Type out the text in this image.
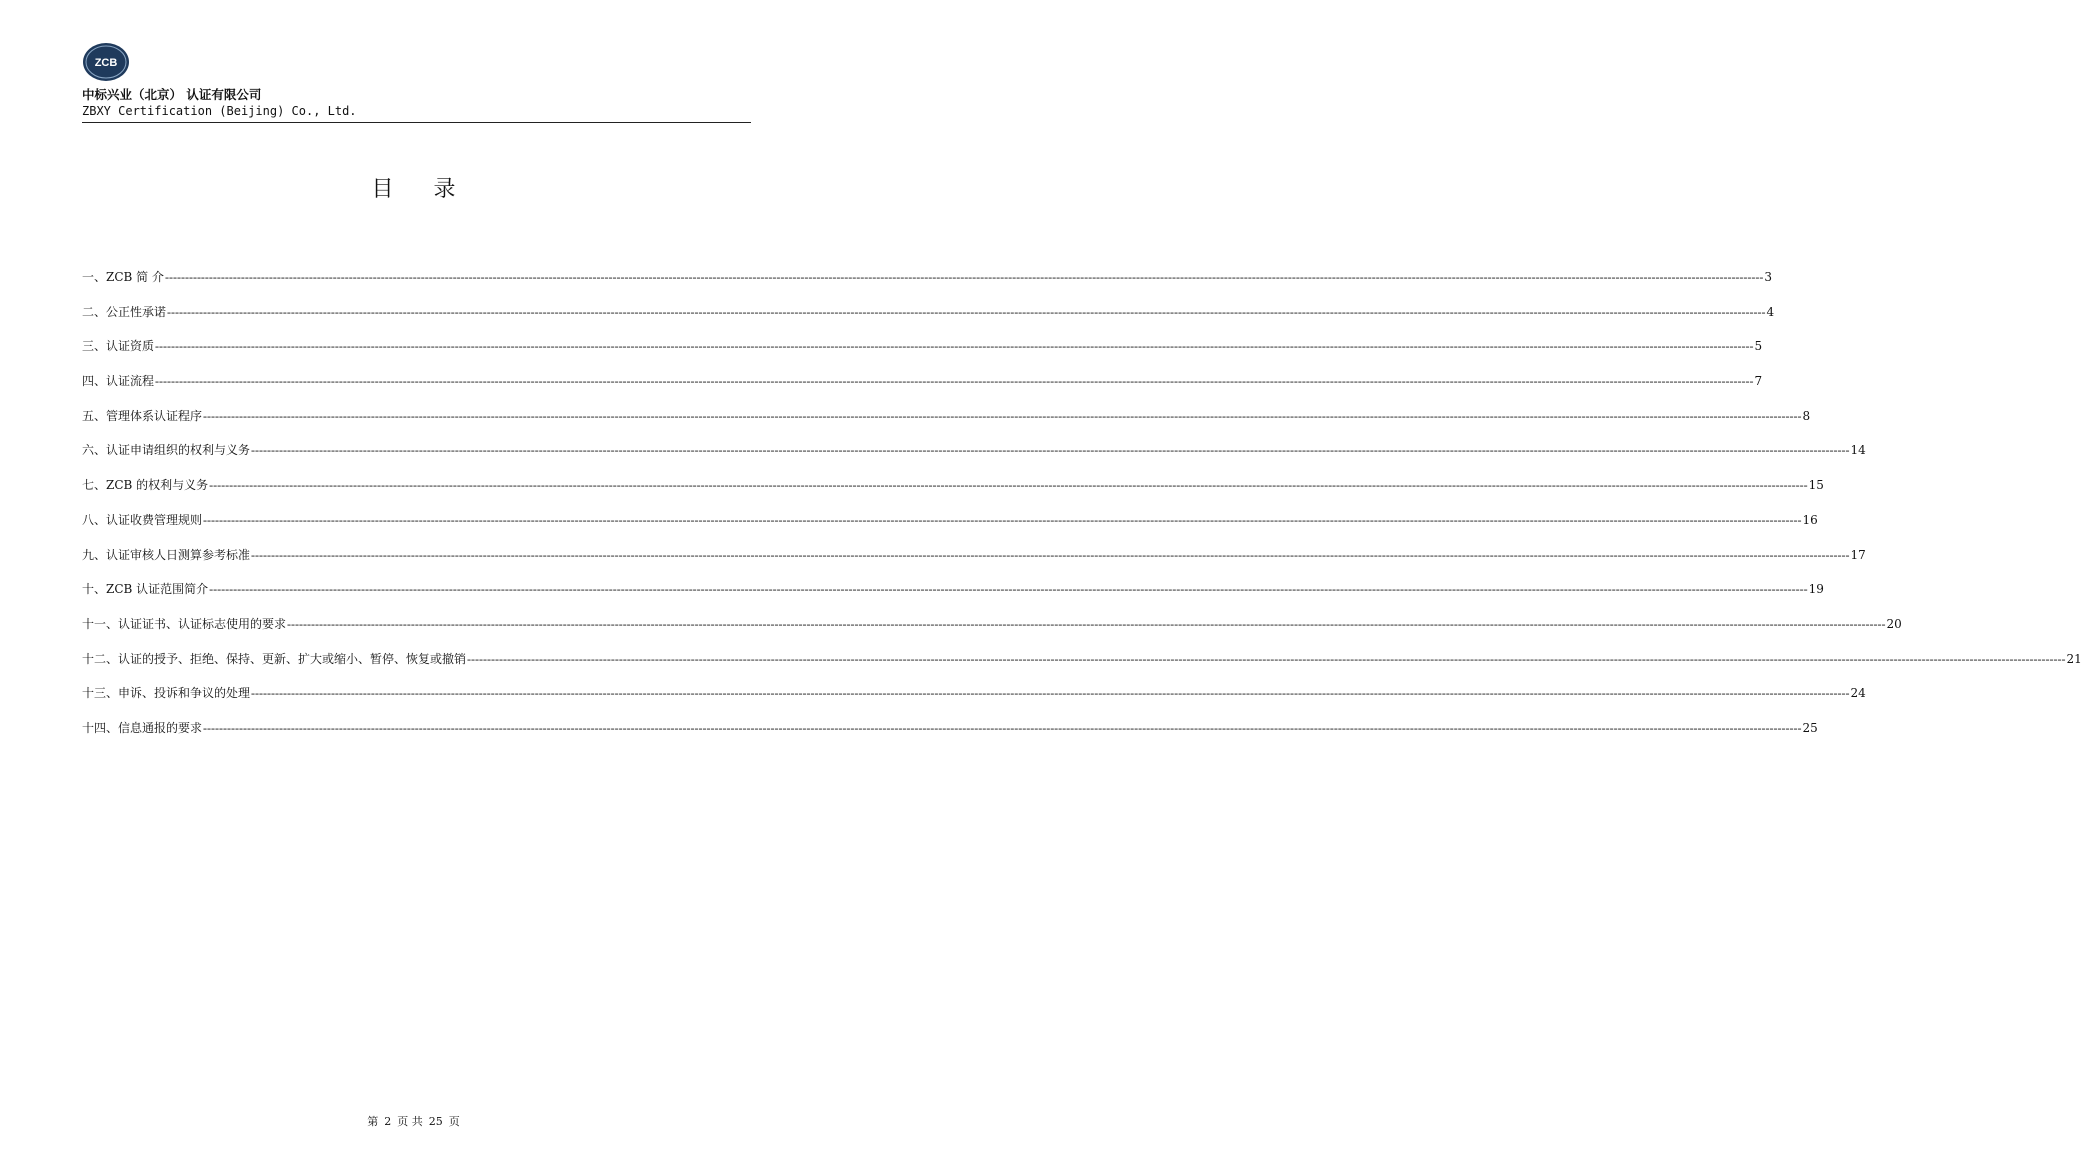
ZCB
中标兴业（北京） 认证有限公司
ZBXY Certification (Beijing) Co., Ltd.
目录
一、ZCB 简 介 ---------------------------------------------------------------------------------------------------------------------------------------------------------------------------------------------------------------------------------------------------------------------------------------------------------------------------------------------------------------------------------------------------------------- 3
二、公正性承诺 ---------------------------------------------------------------------------------------------------------------------------------------------------------------------------------------------------------------------------------------------------------------------------------------------------------------------------------------------------------------------------------------------------------------- 4
三、认证资质 ---------------------------------------------------------------------------------------------------------------------------------------------------------------------------------------------------------------------------------------------------------------------------------------------------------------------------------------------------------------------------------------------------------------- 5
四、认证流程 ---------------------------------------------------------------------------------------------------------------------------------------------------------------------------------------------------------------------------------------------------------------------------------------------------------------------------------------------------------------------------------------------------------------- 7
五、管理体系认证程序 ---------------------------------------------------------------------------------------------------------------------------------------------------------------------------------------------------------------------------------------------------------------------------------------------------------------------------------------------------------------------------------------------------------------- 8
六、认证申请组织的权利与义务 ---------------------------------------------------------------------------------------------------------------------------------------------------------------------------------------------------------------------------------------------------------------------------------------------------------------------------------------------------------------------------------------------------------------- 14
七、ZCB 的权利与义务 ---------------------------------------------------------------------------------------------------------------------------------------------------------------------------------------------------------------------------------------------------------------------------------------------------------------------------------------------------------------------------------------------------------------- 15
八、认证收费管理规则 ---------------------------------------------------------------------------------------------------------------------------------------------------------------------------------------------------------------------------------------------------------------------------------------------------------------------------------------------------------------------------------------------------------------- 16
九、认证审核人日测算参考标准 ---------------------------------------------------------------------------------------------------------------------------------------------------------------------------------------------------------------------------------------------------------------------------------------------------------------------------------------------------------------------------------------------------------------- 17
十、ZCB 认证范围简介 ---------------------------------------------------------------------------------------------------------------------------------------------------------------------------------------------------------------------------------------------------------------------------------------------------------------------------------------------------------------------------------------------------------------- 19
十一、认证证书、认证标志使用的要求 ---------------------------------------------------------------------------------------------------------------------------------------------------------------------------------------------------------------------------------------------------------------------------------------------------------------------------------------------------------------------------------------------------------------- 20
十二、认证的授予、拒绝、保持、更新、扩大或缩小、暂停、恢复或撤销 ---------------------------------------------------------------------------------------------------------------------------------------------------------------------------------------------------------------------------------------------------------------------------------------------------------------------------------------------------------------------------------------------------------------- 21
十三、申诉、投诉和争议的处理 ---------------------------------------------------------------------------------------------------------------------------------------------------------------------------------------------------------------------------------------------------------------------------------------------------------------------------------------------------------------------------------------------------------------- 24
十四、信息通报的要求 ---------------------------------------------------------------------------------------------------------------------------------------------------------------------------------------------------------------------------------------------------------------------------------------------------------------------------------------------------------------------------------------------------------------- 25
第 2 页 共 25 页
